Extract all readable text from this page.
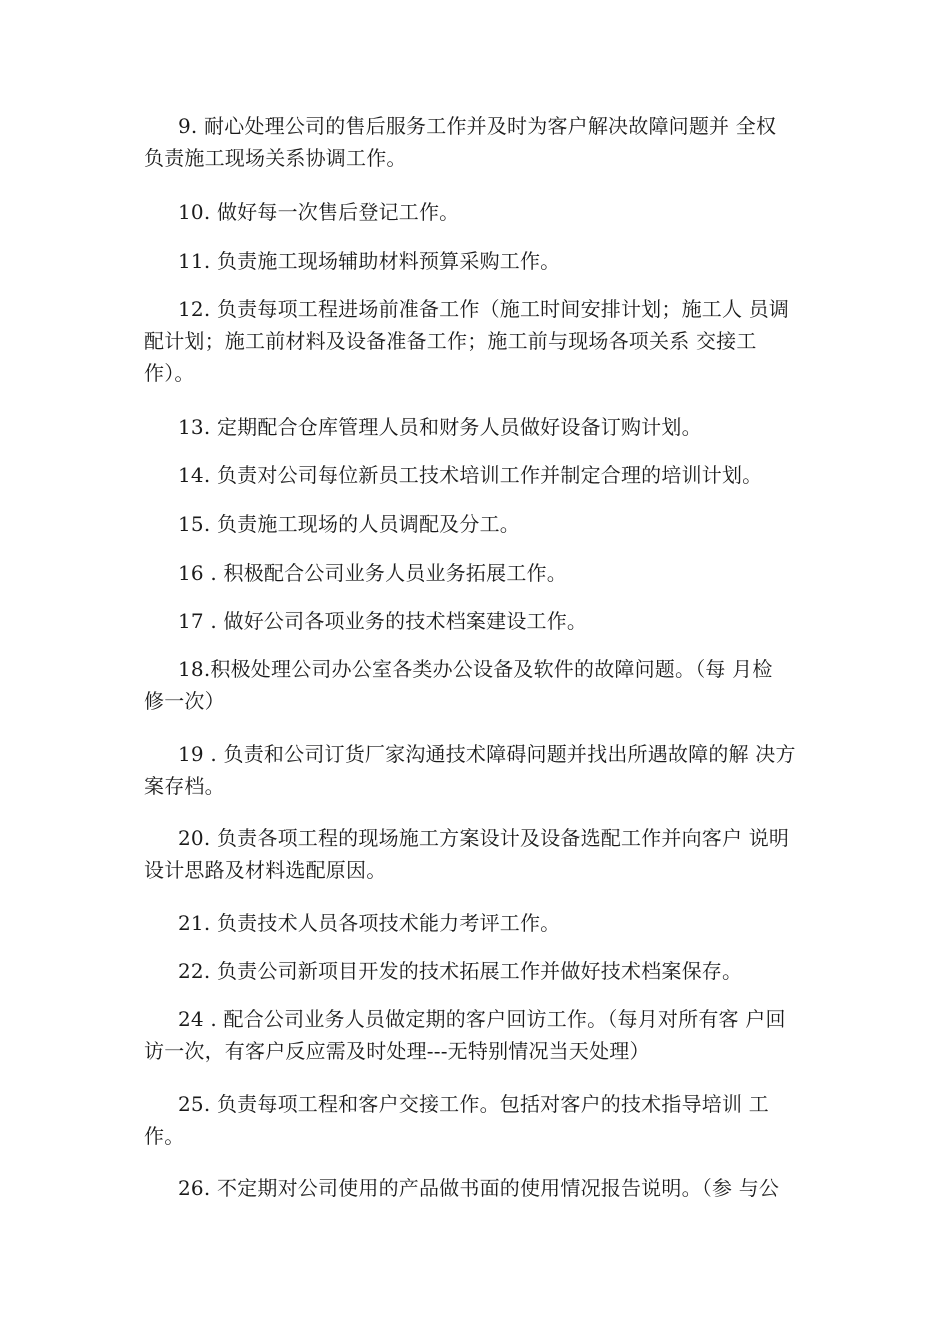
9. 耐心处理公司的售后服务工作并及时为客户解决故障问题并 全权
负责施工现场关系协调工作。
10. 做好每一次售后登记工作。
11. 负责施工现场辅助材料预算采购工作。
12. 负责每项工程进场前准备工作（施工时间安排计划；施工人 员调
配计划；施工前材料及设备准备工作；施工前与现场各项关系 交接工
作）。
13. 定期配合仓库管理人员和财务人员做好设备订购计划。
14. 负责对公司每位新员工技术培训工作并制定合理的培训计划。
15. 负责施工现场的人员调配及分工。
16 . 积极配合公司业务人员业务拓展工作。
17 . 做好公司各项业务的技术档案建设工作。
18.积极处理公司办公室各类办公设备及软件的故障问题。（每 月检
修一次）
19 . 负责和公司订货厂家沟通技术障碍问题并找出所遇故障的解 决方
案存档。
20. 负责各项工程的现场施工方案设计及设备选配工作并向客户 说明
设计思路及材料选配原因。
21. 负责技术人员各项技术能力考评工作。
22. 负责公司新项目开发的技术拓展工作并做好技术档案保存。
24 . 配合公司业务人员做定期的客户回访工作。（每月对所有客 户回
访一次，有客户反应需及时处理---无特别情况当天处理）
25. 负责每项工程和客户交接工作。包括对客户的技术指导培训 工
作。
26. 不定期对公司使用的产品做书面的使用情况报告说明。（参 与公
